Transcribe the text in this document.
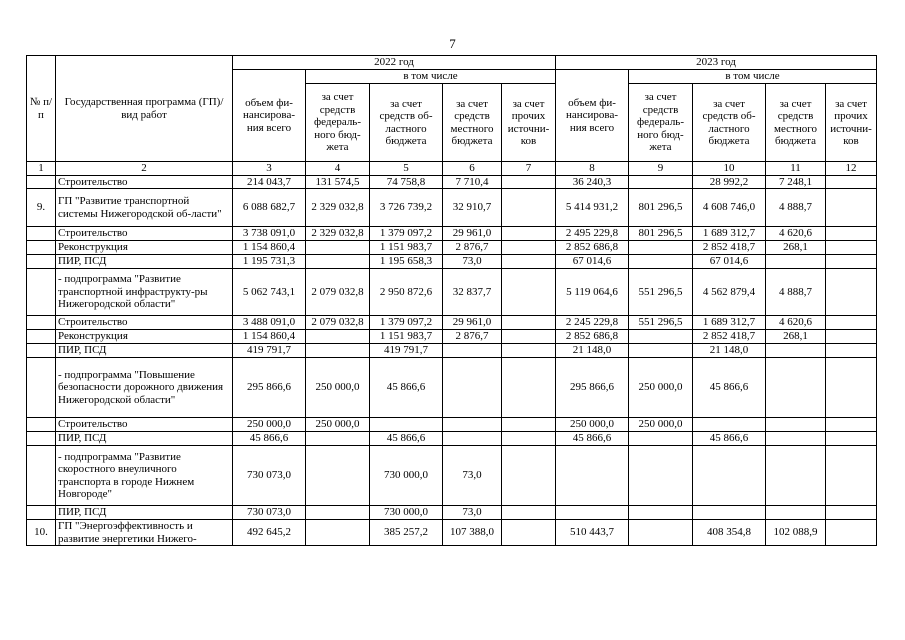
7
№ п/п	Государственная программа (ГП)/ вид работ	2022 год					2023 год				
		объем фи-нансирова-ния всего	в том числе				объем фи-нансирова-ния всего	в том числе			
			за счет средств федераль-ного бюд-жета	за счет средств об-ластного бюджета	за счет средств местного бюджета	за счет прочих источни-ков		за счет средств федераль-ного бюд-жета	за счет средств об-ластного бюджета	за счет средств местного бюджета	за счет прочих источни-ков
1	2	3	4	5	6	7	8	9	10	11	12
	Строительство	214 043,7	131 574,5	74 758,8	7 710,4		36 240,3		28 992,2	7 248,1	
9.	ГП "Развитие транспортной системы Нижегородской об-ласти"	6 088 682,7	2 329 032,8	3 726 739,2	32 910,7		5 414 931,2	801 296,5	4 608 746,0	4 888,7	
	Строительство	3 738 091,0	2 329 032,8	1 379 097,2	29 961,0		2 495 229,8	801 296,5	1 689 312,7	4 620,6	
	Реконструкция	1 154 860,4		1 151 983,7	2 876,7		2 852 686,8		2 852 418,7	268,1	
	ПИР, ПСД	1 195 731,3		1 195 658,3	73,0		67 014,6		67 014,6		
	- подпрограмма "Развитие транспортной инфраструкту-ры Нижегородской области"	5 062 743,1	2 079 032,8	2 950 872,6	32 837,7		5 119 064,6	551 296,5	4 562 879,4	4 888,7	
	Строительство	3 488 091,0	2 079 032,8	1 379 097,2	29 961,0		2 245 229,8	551 296,5	1 689 312,7	4 620,6	
	Реконструкция	1 154 860,4		1 151 983,7	2 876,7		2 852 686,8		2 852 418,7	268,1	
	ПИР, ПСД	419 791,7		419 791,7			21 148,0		21 148,0		
	- подпрограмма "Повышение безопасности дорожного движения Нижегородской области"	295 866,6	250 000,0	45 866,6			295 866,6	250 000,0	45 866,6		
	Строительство	250 000,0	250 000,0				250 000,0	250 000,0			
	ПИР, ПСД	45 866,6		45 866,6			45 866,6		45 866,6		
	- подпрограмма "Развитие скоростного внеуличного транспорта в городе Нижнем Новгороде"	730 073,0		730 000,0	73,0						
	ПИР, ПСД	730 073,0		730 000,0	73,0						
10.	ГП "Энергоэффективность и развитие энергетики Нижего-	492 645,2		385 257,2	107 388,0		510 443,7		408 354,8	102 088,9	
